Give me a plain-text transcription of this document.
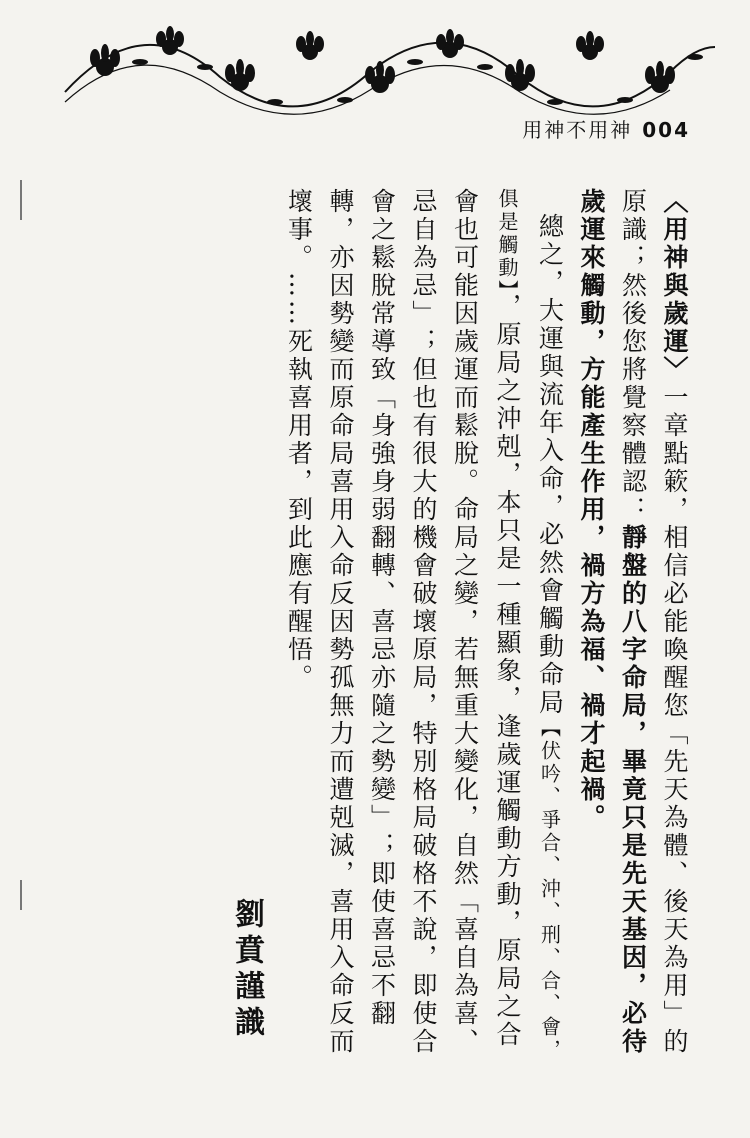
用神不用神 004

〈用神與歲運〉一章點簌，相信必能喚醒您「先天為體、後天為用」的原識；然後您將覺察體認：靜盤的八字命局，畢竟只是先天基因，必待歲運來觸動，方能產生作用，禍方為福、禍才起禍。

總之，大運與流年入命，必然會觸動命局【伏吟、爭合、沖、刑、合、會，俱是觸動】，原局之沖剋，本只是一種顯象，逢歲運觸動方動，原局之合會也可能因歲運而鬆脫。命局之變，若無重大變化，自然「喜自為喜、忌自為忌」；但也有很大的機會破壞原局，特別格局破格不說，即使合會之鬆脫常導致「身強身弱翻轉、喜忌亦隨之勢變」；即使喜忌不翻轉，亦因勢變而原命局喜用入命反因勢孤無力而遭剋滅，喜用入命反而壞事。……死執喜用者，到此應有醒悟。

劉賁謹識
